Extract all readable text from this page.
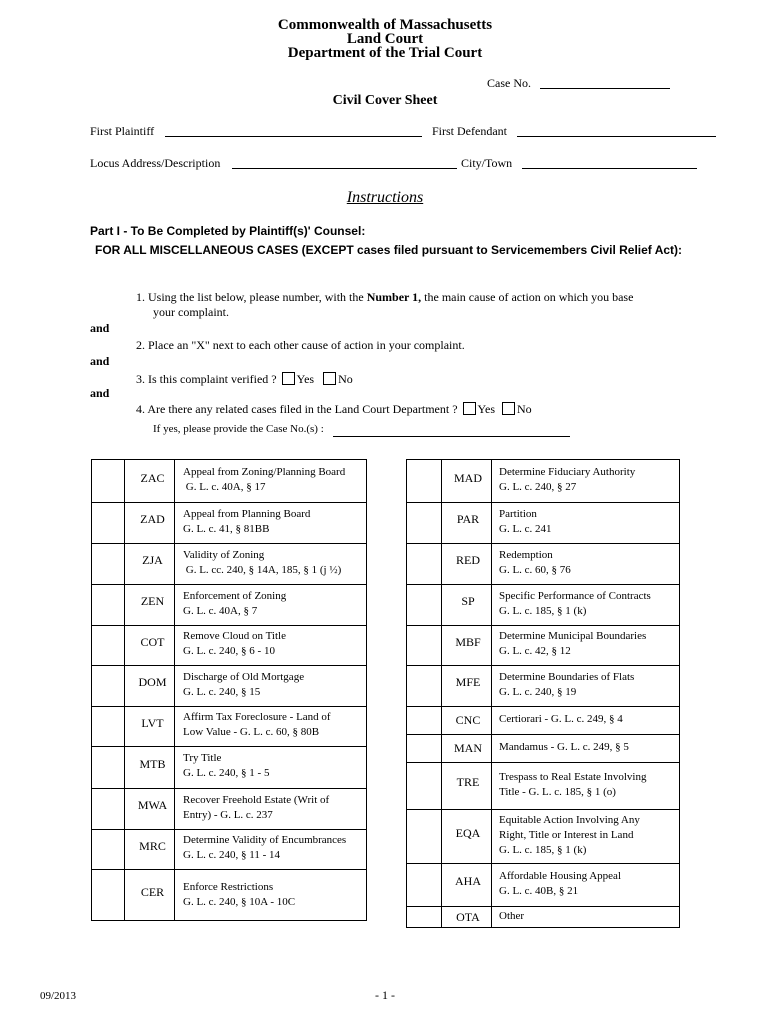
Commonwealth of Massachusetts
Land Court
Department of the Trial Court
Case No.
Civil Cover Sheet
First Plaintiff	First Defendant
Locus Address/Description	City/Town
Instructions
Part I - To Be Completed by Plaintiff(s)' Counsel:
FOR ALL MISCELLANEOUS CASES (EXCEPT cases filed pursuant to Servicemembers Civil Relief Act):
1. Using the list below, please number, with the Number 1, the main cause of action on which you base
your complaint.
and
2. Place an "X" next to each other cause of action in your complaint.
and
3. Is this complaint verified ? Yes No
and
4. Are there any related cases filed in the Land Court Department ? Yes No
If yes, please provide the Case No.(s) :
ZAC	Appeal from Zoning/Planning Board
G. L. c. 40A, § 17
ZAD	Appeal from Planning Board
G. L. c. 41, § 81BB
ZJA	Validity of Zoning
G. L. cc. 240, § 14A, 185, § 1 (j ½)
ZEN	Enforcement of Zoning
G. L. c. 40A, § 7
COT	Remove Cloud on Title
G. L. c. 240, § 6 - 10
DOM	Discharge of Old Mortgage
G. L. c. 240, § 15
LVT	Affirm Tax Foreclosure - Land of
Low Value - G. L. c. 60, § 80B
MTB	Try Title
G. L. c. 240, § 1 - 5
MWA	Recover Freehold Estate (Writ of
Entry) - G. L. c. 237
MRC	Determine Validity of Encumbrances
G. L. c. 240, § 11 - 14
CER	Enforce Restrictions
G. L. c. 240, § 10A - 10C
MAD	Determine Fiduciary Authority
G. L. c. 240, § 27
PAR	Partition
G. L. c. 241
RED	Redemption
G. L. c. 60, § 76
SP	Specific Performance of Contracts
G. L. c. 185, § 1 (k)
MBF	Determine Municipal Boundaries
G. L. c. 42, § 12
MFE	Determine Boundaries of Flats
G. L. c. 240, § 19
CNC	Certiorari - G. L. c. 249, § 4
MAN	Mandamus - G. L. c. 249, § 5
TRE	Trespass to Real Estate Involving
Title - G. L. c. 185, § 1 (o)
EQA
Equitable Action Involving Any
Right, Title or Interest in Land
G. L. c. 185, § 1 (k)
AHA	Affordable Housing Appeal
G. L. c. 40B, § 21
OTA	Other
09/2013	- 1 -
